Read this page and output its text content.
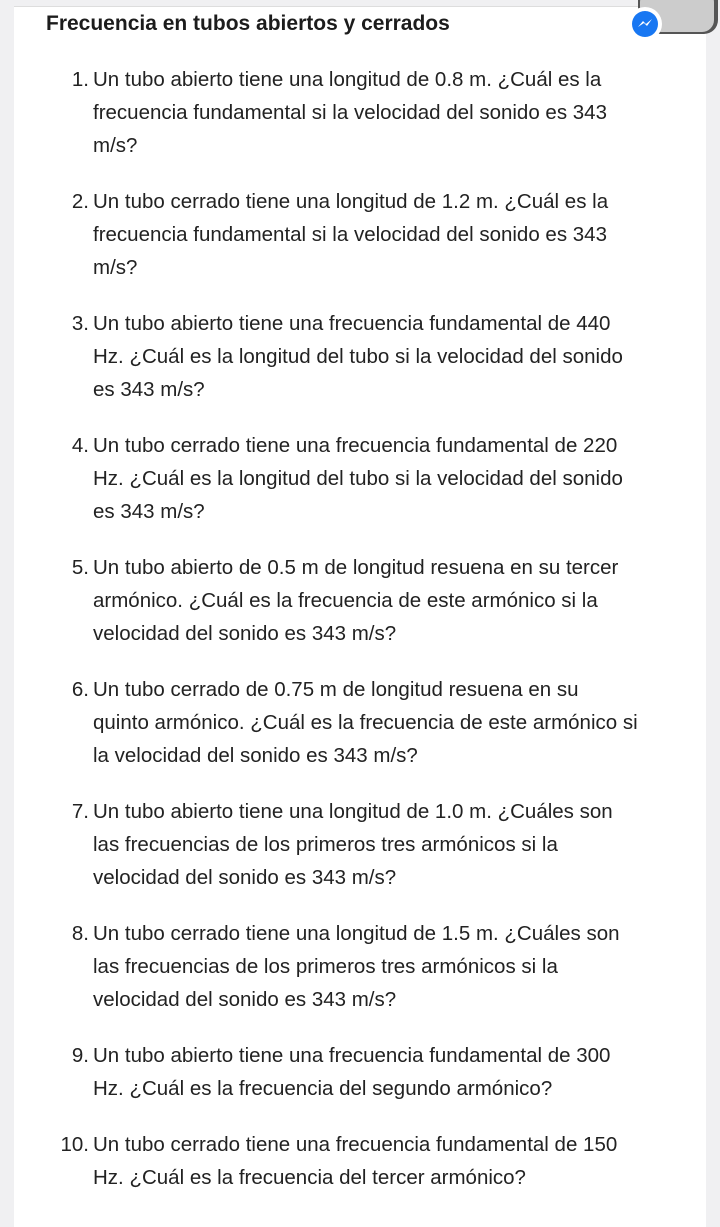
Frecuencia en tubos abiertos y cerrados
1. Un tubo abierto tiene una longitud de 0.8 m. ¿Cuál es la frecuencia fundamental si la velocidad del sonido es 343 m/s?
2. Un tubo cerrado tiene una longitud de 1.2 m. ¿Cuál es la frecuencia fundamental si la velocidad del sonido es 343 m/s?
3. Un tubo abierto tiene una frecuencia fundamental de 440 Hz. ¿Cuál es la longitud del tubo si la velocidad del sonido es 343 m/s?
4. Un tubo cerrado tiene una frecuencia fundamental de 220 Hz. ¿Cuál es la longitud del tubo si la velocidad del sonido es 343 m/s?
5. Un tubo abierto de 0.5 m de longitud resuena en su tercer armónico. ¿Cuál es la frecuencia de este armónico si la velocidad del sonido es 343 m/s?
6. Un tubo cerrado de 0.75 m de longitud resuena en su quinto armónico. ¿Cuál es la frecuencia de este armónico si la velocidad del sonido es 343 m/s?
7. Un tubo abierto tiene una longitud de 1.0 m. ¿Cuáles son las frecuencias de los primeros tres armónicos si la velocidad del sonido es 343 m/s?
8. Un tubo cerrado tiene una longitud de 1.5 m. ¿Cuáles son las frecuencias de los primeros tres armónicos si la velocidad del sonido es 343 m/s?
9. Un tubo abierto tiene una frecuencia fundamental de 300 Hz. ¿Cuál es la frecuencia del segundo armónico?
10. Un tubo cerrado tiene una frecuencia fundamental de 150 Hz. ¿Cuál es la frecuencia del tercer armónico?
